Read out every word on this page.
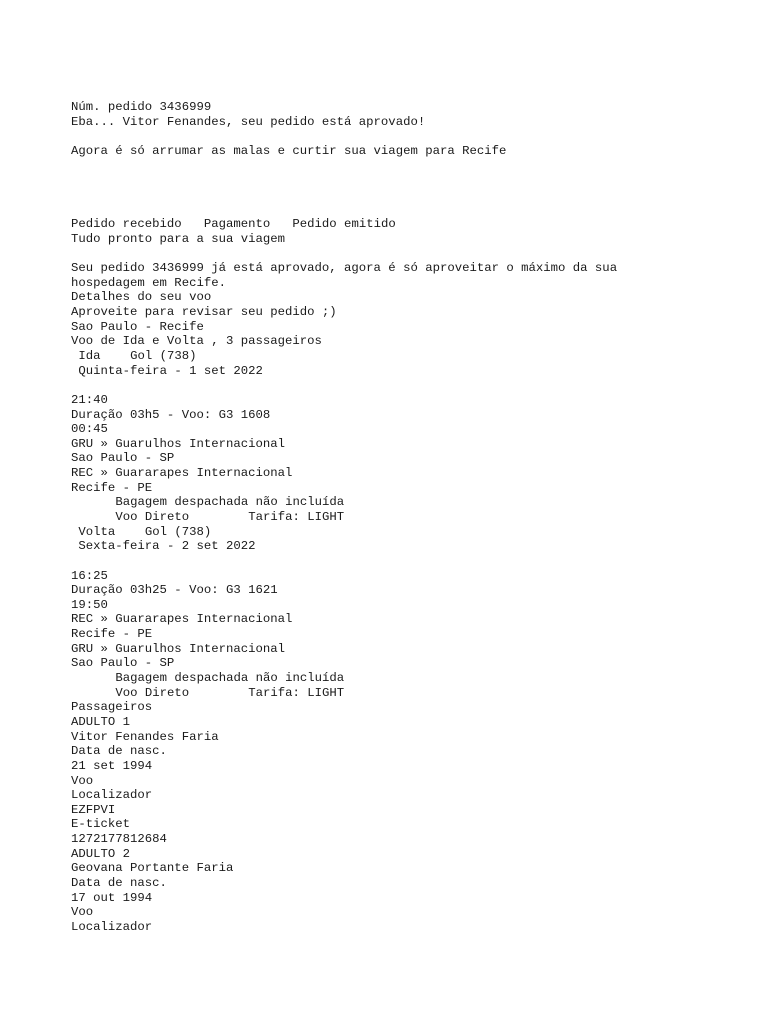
Núm. pedido 3436999
Eba... Vitor Fenandes, seu pedido está aprovado!
Agora é só arrumar as malas e curtir sua viagem para Recife
Pedido recebido Pagamento Pedido emitido
Tudo pronto para a sua viagem
Seu pedido 3436999 já está aprovado, agora é só aproveitar o máximo da sua hospedagem em Recife.
Detalhes do seu voo
Aproveite para revisar seu pedido ;)
Sao Paulo - Recife
Voo de Ida e Volta , 3 passageiros
Ida Gol (738)
Quinta-feira - 1 set 2022
21:40
Duração 03h5 - Voo: G3 1608
00:45
GRU » Guarulhos Internacional
Sao Paulo - SP
REC » Guararapes Internacional
Recife - PE
Bagagem despachada não incluída
Voo Direto	Tarifa: LIGHT
Volta Gol (738)
Sexta-feira - 2 set 2022
16:25
Duração 03h25 - Voo: G3 1621
19:50
REC » Guararapes Internacional
Recife - PE
GRU » Guarulhos Internacional
Sao Paulo - SP
Bagagem despachada não incluída
Voo Direto	Tarifa: LIGHT
Passageiros
ADULTO 1
Vitor Fenandes Faria
Data de nasc.
21 set 1994
Voo
Localizador
EZFPVI
E-ticket
1272177812684
ADULTO 2
Geovana Portante Faria
Data de nasc.
17 out 1994
Voo
Localizador
